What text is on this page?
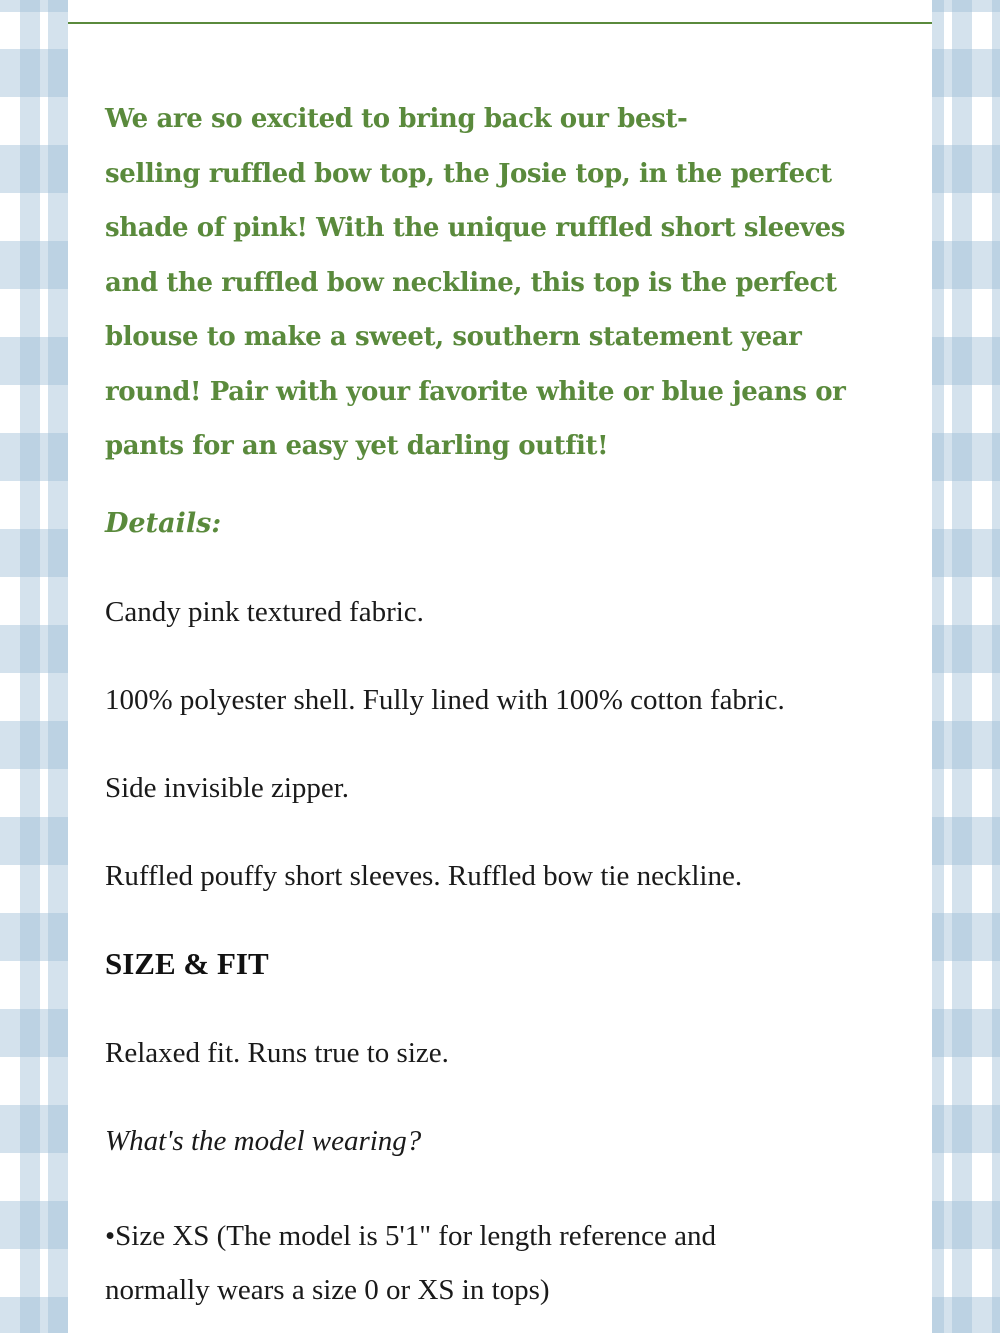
We are so excited to bring back our best-
selling ruffled bow top, the Josie top, in the perfect
shade of pink! With the unique ruffled short sleeves
and the ruffled bow neckline, this top is the perfect
blouse to make a sweet, southern statement year
round! Pair with your favorite white or blue jeans or
pants for an easy yet darling outfit!

Details:

Candy pink textured fabric.

100% polyester shell. Fully lined with 100% cotton fabric.

Side invisible zipper.

Ruffled pouffy short sleeves. Ruffled bow tie neckline.

SIZE & FIT

Relaxed fit. Runs true to size.

What's the model wearing?

•Size XS (The model is 5'1" for length reference and
normally wears a size 0 or XS in tops)
